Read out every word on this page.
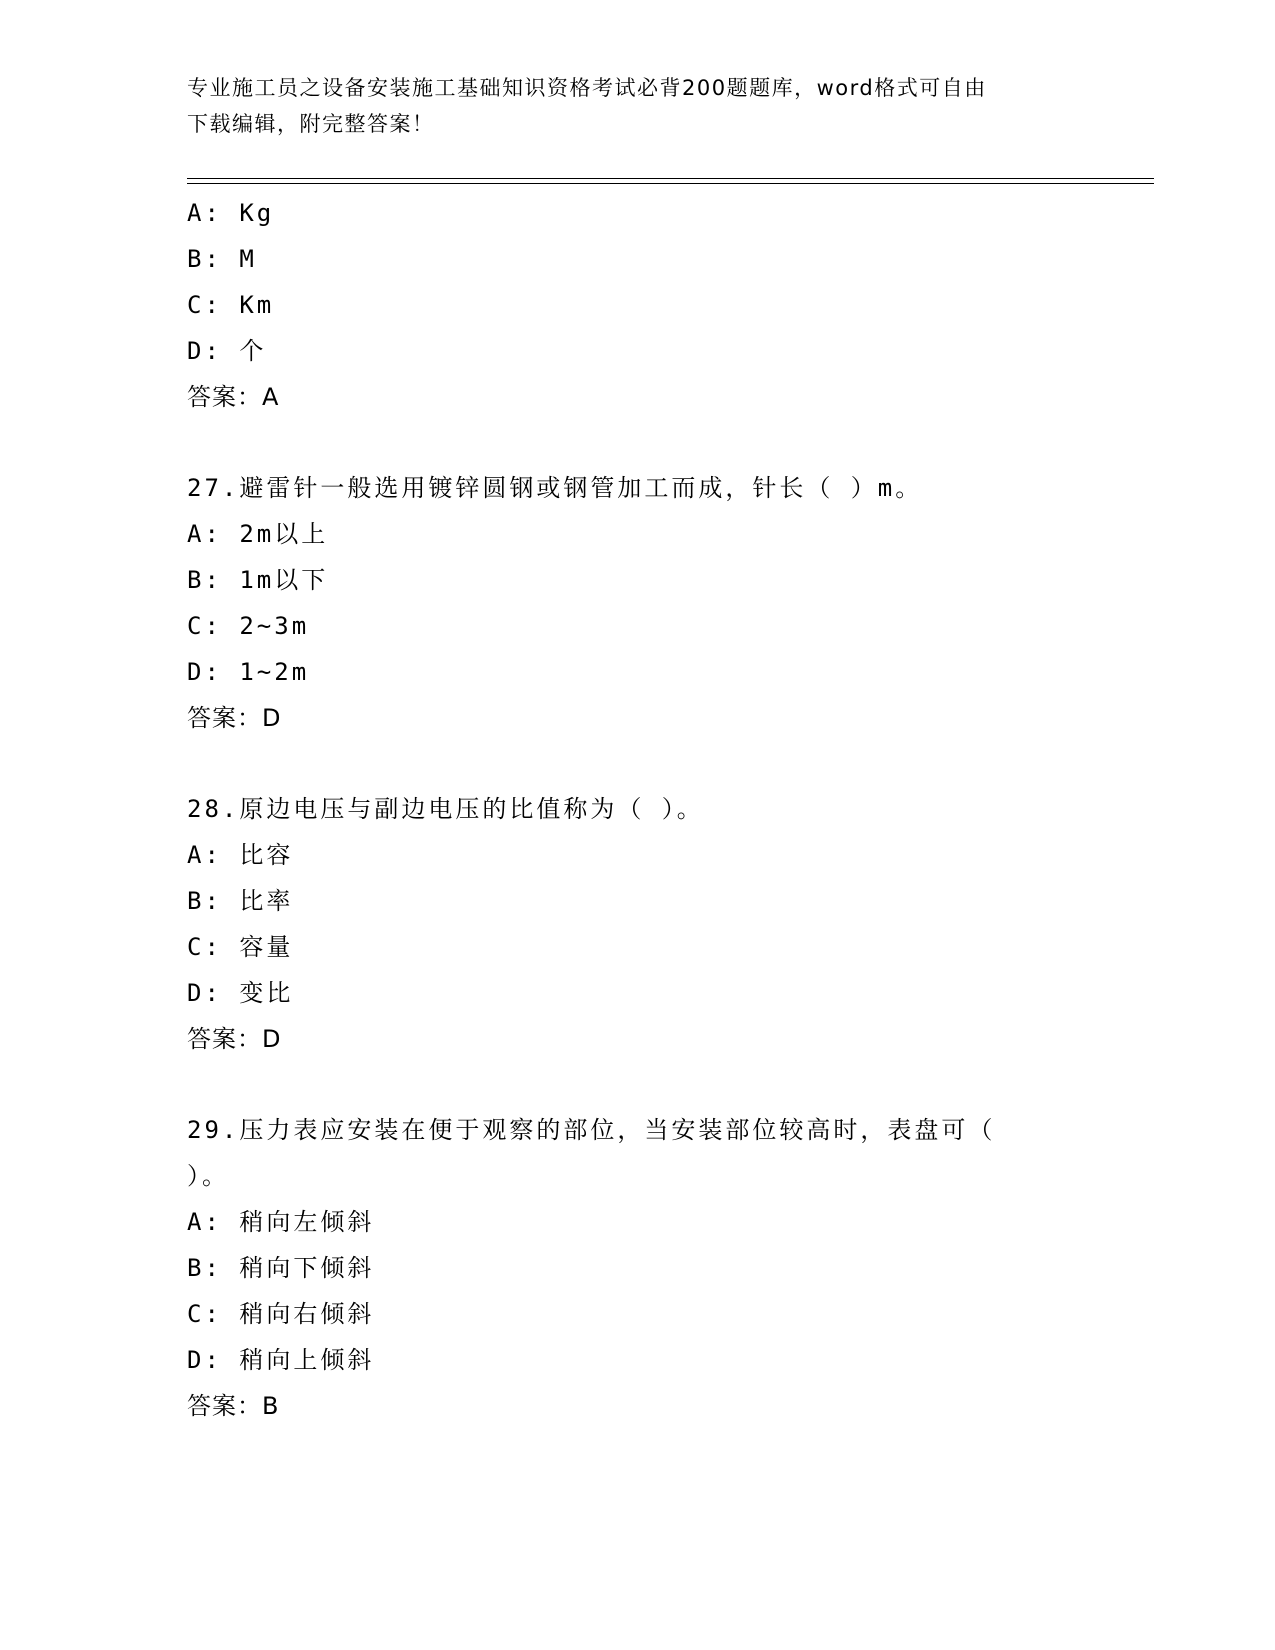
专业施工员之设备安装施工基础知识资格考试必背200题题库，word格式可自由
下载编辑，附完整答案！
A: Kg
B: M
C: Km
D: 个
答案：A
27.避雷针一般选用镀锌圆钢或钢管加工而成，针长（ ）m。
A: 2m以上
B: 1m以下
C: 2~3m
D: 1~2m
答案：D
28.原边电压与副边电压的比值称为（ ）。
A: 比容
B: 比率
C: 容量
D: 变比
答案：D
29.压力表应安装在便于观察的部位，当安装部位较高时，表盘可（
）。
A: 稍向左倾斜
B: 稍向下倾斜
C: 稍向右倾斜
D: 稍向上倾斜
答案：B
